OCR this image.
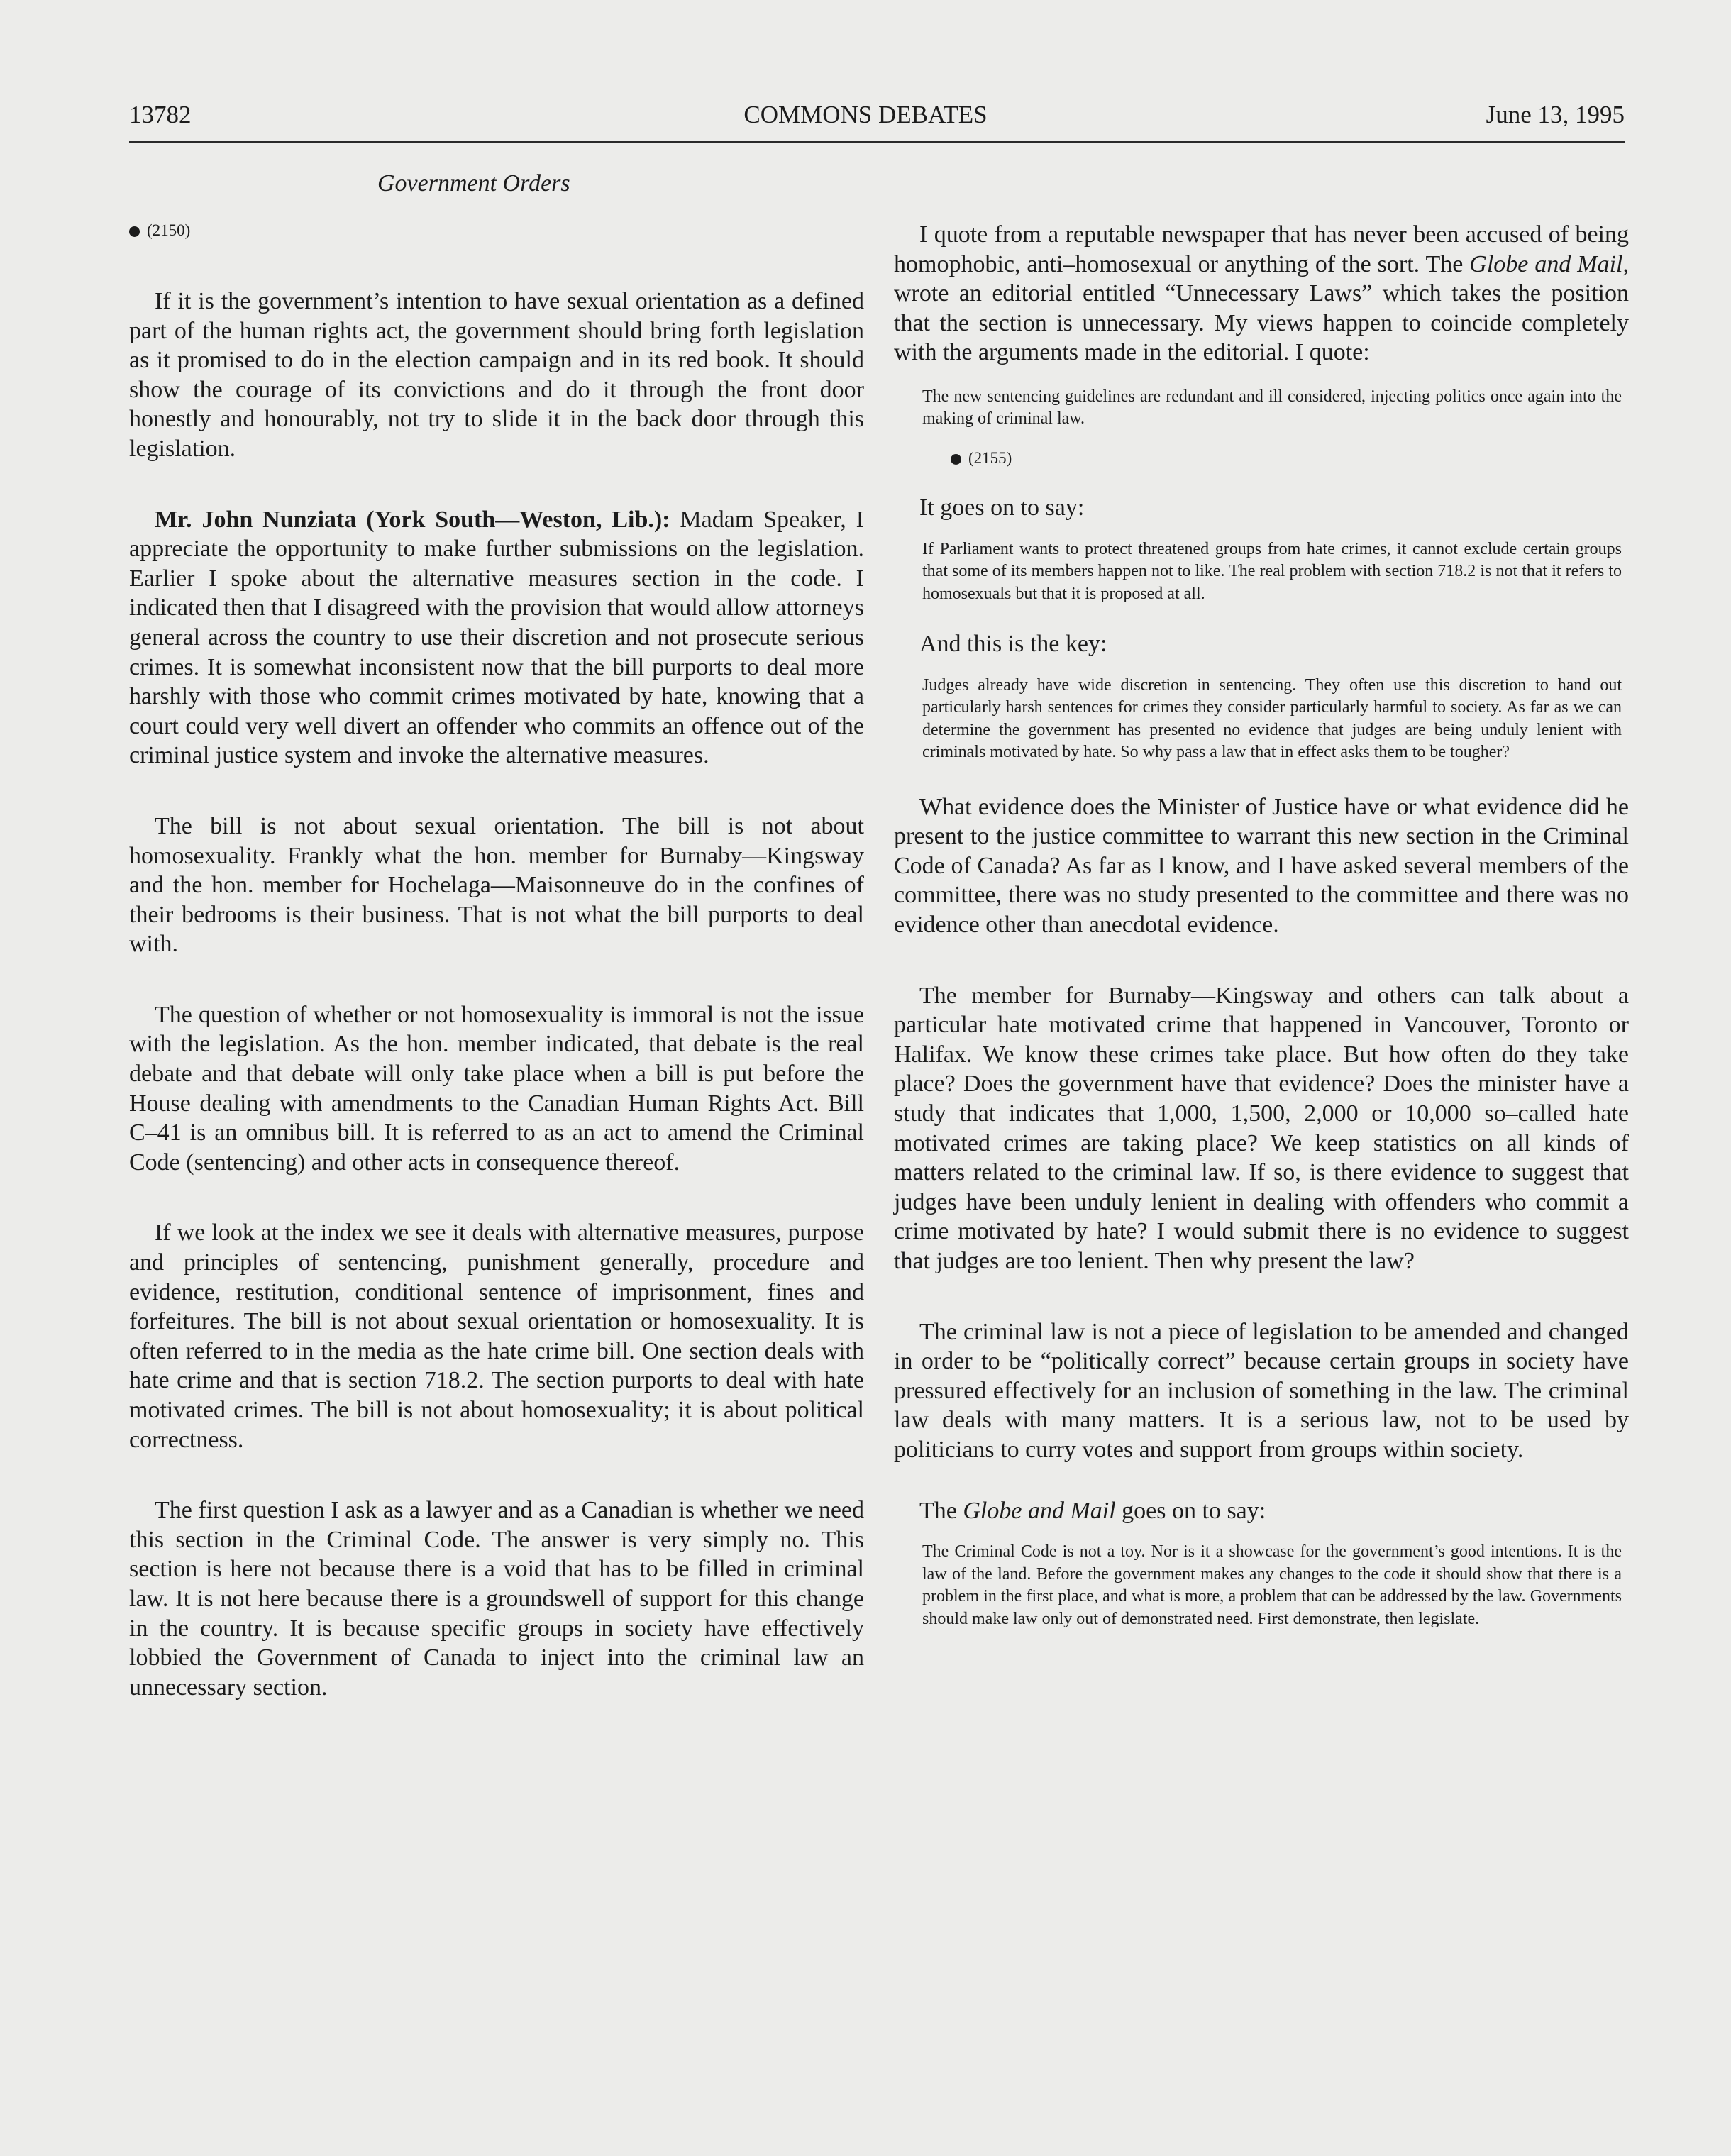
13782	COMMONS DEBATES	June 13, 1995
Government Orders

(2150)

If it is the government’s intention to have sexual orientation as a defined part of the human rights act, the government should bring forth legislation as it promised to do in the election campaign and in its red book. It should show the courage of its convictions and do it through the front door honestly and honourably, not try to slide it in the back door through this legislation.

Mr. John Nunziata (York South—Weston, Lib.): Madam Speaker, I appreciate the opportunity to make further submissions on the legislation. Earlier I spoke about the alternative measures section in the code. I indicated then that I disagreed with the provision that would allow attorneys general across the country to use their discretion and not prosecute serious crimes. It is somewhat inconsistent now that the bill purports to deal more harshly with those who commit crimes motivated by hate, knowing that a court could very well divert an offender who commits an offence out of the criminal justice system and invoke the alternative measures.

The bill is not about sexual orientation. The bill is not about homosexuality. Frankly what the hon. member for Burnaby—Kingsway and the hon. member for Hochelaga—Maisonneuve do in the confines of their bedrooms is their business. That is not what the bill purports to deal with.

The question of whether or not homosexuality is immoral is not the issue with the legislation. As the hon. member indicated, that debate is the real debate and that debate will only take place when a bill is put before the House dealing with amendments to the Canadian Human Rights Act. Bill C–41 is an omnibus bill. It is referred to as an act to amend the Criminal Code (sentencing) and other acts in consequence thereof.

If we look at the index we see it deals with alternative measures, purpose and principles of sentencing, punishment generally, procedure and evidence, restitution, conditional sentence of imprisonment, fines and forfeitures. The bill is not about sexual orientation or homosexuality. It is often referred to in the media as the hate crime bill. One section deals with hate crime and that is section 718.2. The section purports to deal with hate motivated crimes. The bill is not about homosexuality; it is about political correctness.

The first question I ask as a lawyer and as a Canadian is whether we need this section in the Criminal Code. The answer is very simply no. This section is here not because there is a void that has to be filled in criminal law. It is not here because there is a groundswell of support for this change in the country. It is because specific groups in society have effectively lobbied the Government of Canada to inject into the criminal law an unnecessary section.

I quote from a reputable newspaper that has never been accused of being homophobic, anti–homosexual or anything of the sort. The Globe and Mail, wrote an editorial entitled “Unnecessary Laws” which takes the position that the section is unnecessary. My views happen to coincide completely with the arguments made in the editorial. I quote:

The new sentencing guidelines are redundant and ill considered, injecting politics once again into the making of criminal law.

(2155)

It goes on to say:

If Parliament wants to protect threatened groups from hate crimes, it cannot exclude certain groups that some of its members happen not to like. The real problem with section 718.2 is not that it refers to homosexuals but that it is proposed at all.

And this is the key:

Judges already have wide discretion in sentencing. They often use this discretion to hand out particularly harsh sentences for crimes they consider particularly harmful to society. As far as we can determine the government has presented no evidence that judges are being unduly lenient with criminals motivated by hate. So why pass a law that in effect asks them to be tougher?

What evidence does the Minister of Justice have or what evidence did he present to the justice committee to warrant this new section in the Criminal Code of Canada? As far as I know, and I have asked several members of the committee, there was no study presented to the committee and there was no evidence other than anecdotal evidence.

The member for Burnaby—Kingsway and others can talk about a particular hate motivated crime that happened in Vancouver, Toronto or Halifax. We know these crimes take place. But how often do they take place? Does the government have that evidence? Does the minister have a study that indicates that 1,000, 1,500, 2,000 or 10,000 so–called hate motivated crimes are taking place? We keep statistics on all kinds of matters related to the criminal law. If so, is there evidence to suggest that judges have been unduly lenient in dealing with offenders who commit a crime motivated by hate? I would submit there is no evidence to suggest that judges are too lenient. Then why present the law?

The criminal law is not a piece of legislation to be amended and changed in order to be “politically correct” because certain groups in society have pressured effectively for an inclusion of something in the law. The criminal law deals with many matters. It is a serious law, not to be used by politicians to curry votes and support from groups within society.

The Globe and Mail goes on to say:

The Criminal Code is not a toy. Nor is it a showcase for the government’s good intentions. It is the law of the land. Before the government makes any changes to the code it should show that there is a problem in the first place, and what is more, a problem that can be addressed by the law. Governments should make law only out of demonstrated need. First demonstrate, then legislate.
